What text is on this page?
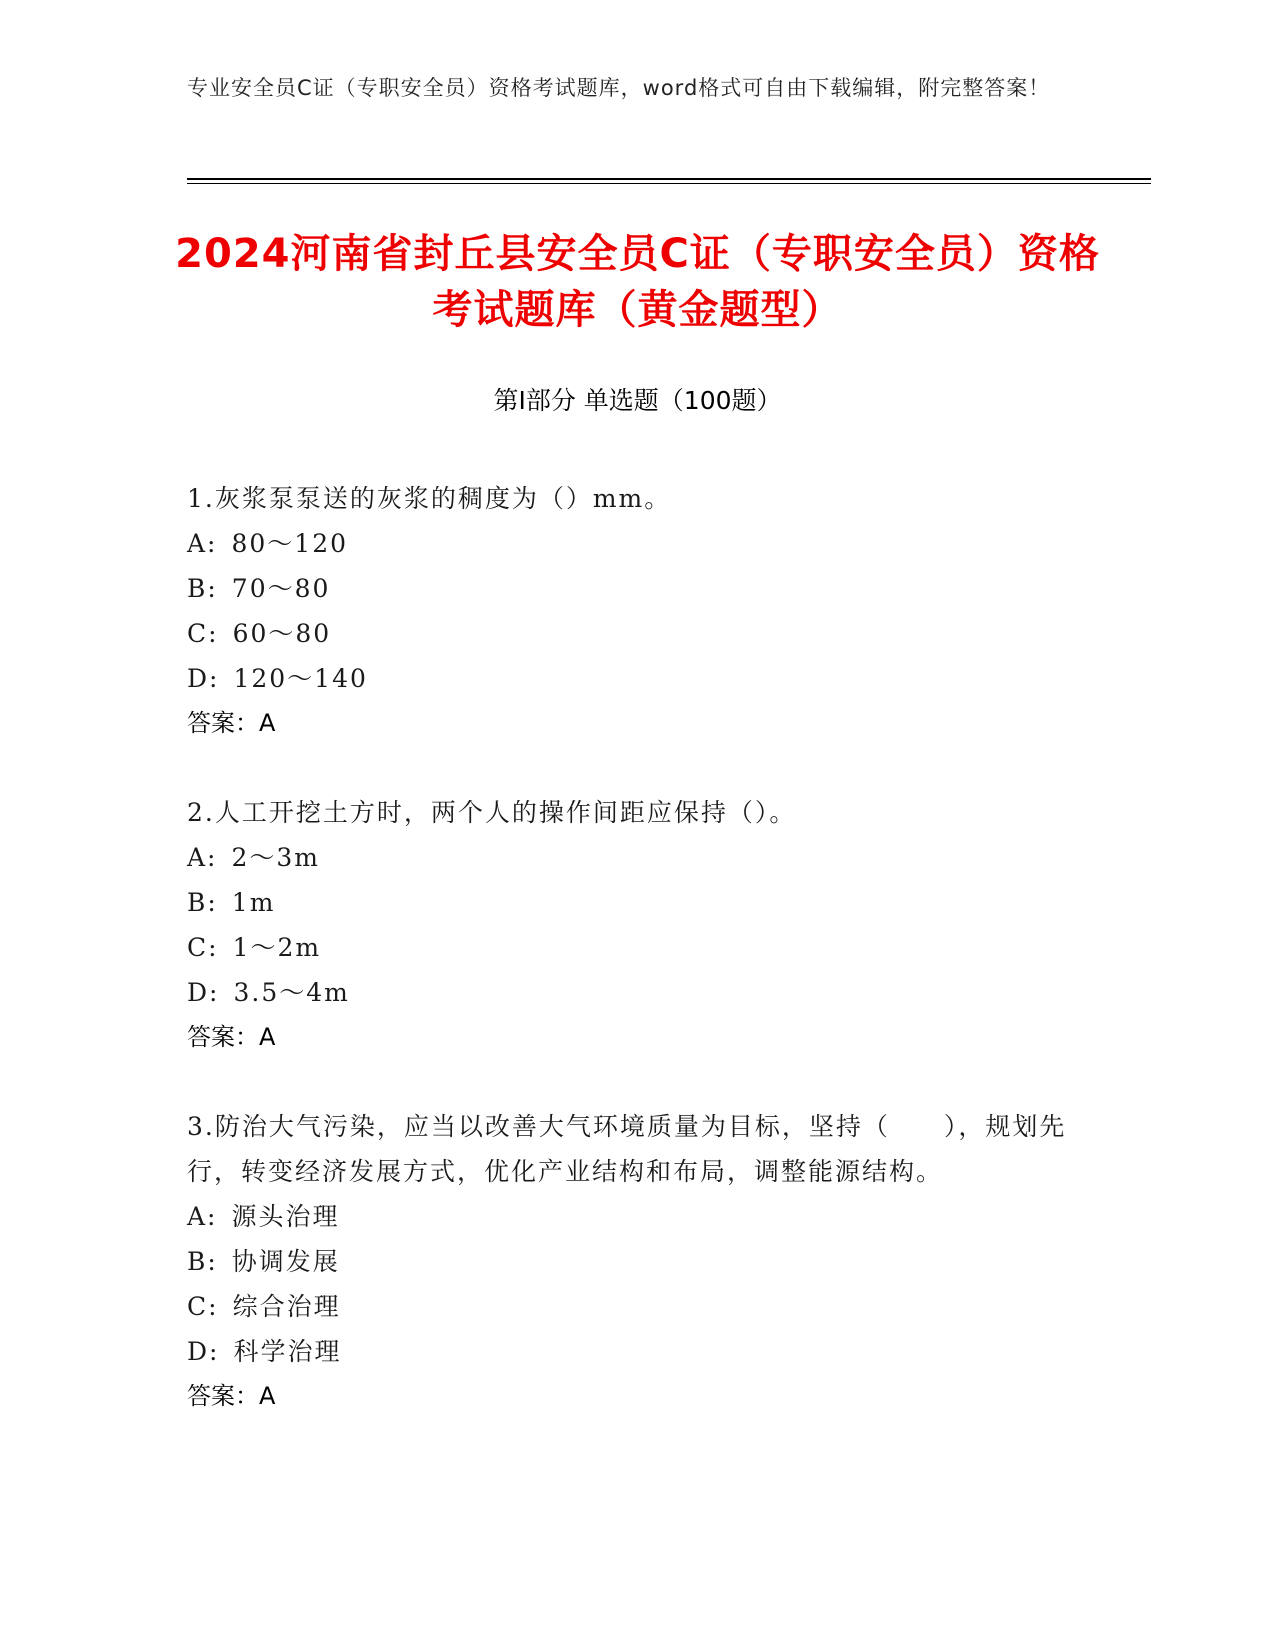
专业安全员C证（专职安全员）资格考试题库，word格式可自由下载编辑，附完整答案！
2024河南省封丘县安全员C证（专职安全员）资格考试题库（黄金题型）
第Ⅰ部分 单选题（100题）
1.灰浆泵泵送的灰浆的稠度为（）mm。
A: 80～120
B: 70～80
C: 60～80
D: 120～140
答案：A
2.人工开挖土方时，两个人的操作间距应保持（）。
A: 2～3m
B: 1m
C: 1～2m
D: 3.5～4m
答案：A
3.防治大气污染，应当以改善大气环境质量为目标，坚持（　　），规划先行，转变经济发展方式，优化产业结构和布局，调整能源结构。
A: 源头治理
B: 协调发展
C: 综合治理
D: 科学治理
答案：A
